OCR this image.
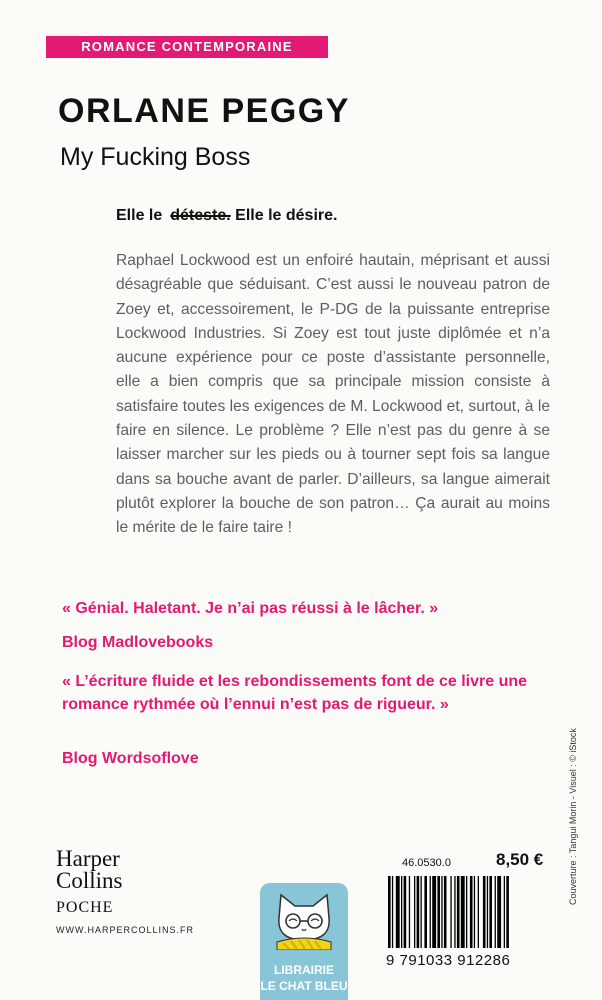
ROMANCE CONTEMPORAINE
ORLANE PEGGY
My Fucking Boss
Elle le déteste. Elle le désire.

Raphael Lockwood est un enfoiré hautain, méprisant et aussi désagréable que séduisant. C’est aussi le nouveau patron de Zoey et, accessoirement, le P-DG de la puissante entreprise Lockwood Industries. Si Zoey est tout juste diplômée et n’a aucune expérience pour ce poste d’assistante personnelle, elle a bien compris que sa principale mission consiste à satisfaire toutes les exigences de M. Lockwood et, surtout, à le faire en silence. Le problème ? Elle n’est pas du genre à se laisser marcher sur les pieds ou à tourner sept fois sa langue dans sa bouche avant de parler. D’ailleurs, sa langue aimerait plutôt explorer la bouche de son patron… Ça aurait au moins le mérite de le faire taire !

« Génial. Haletant. Je n’ai pas réussi à le lâcher. »

Blog Madlovebooks

« L’écriture fluide et les rebondissements font de ce livre une romance rythmée où l’ennui n’est pas de rigueur. »

Blog Wordsoflove	Couverture : Tangui Morin - Visuel : © iStock
Harper
Collins
POCHE
WWW.HARPERCOLLINS.FR
LIBRAIRIE
LE CHAT BLEU
46.0530.0	8,50 €
9 791033 912286
